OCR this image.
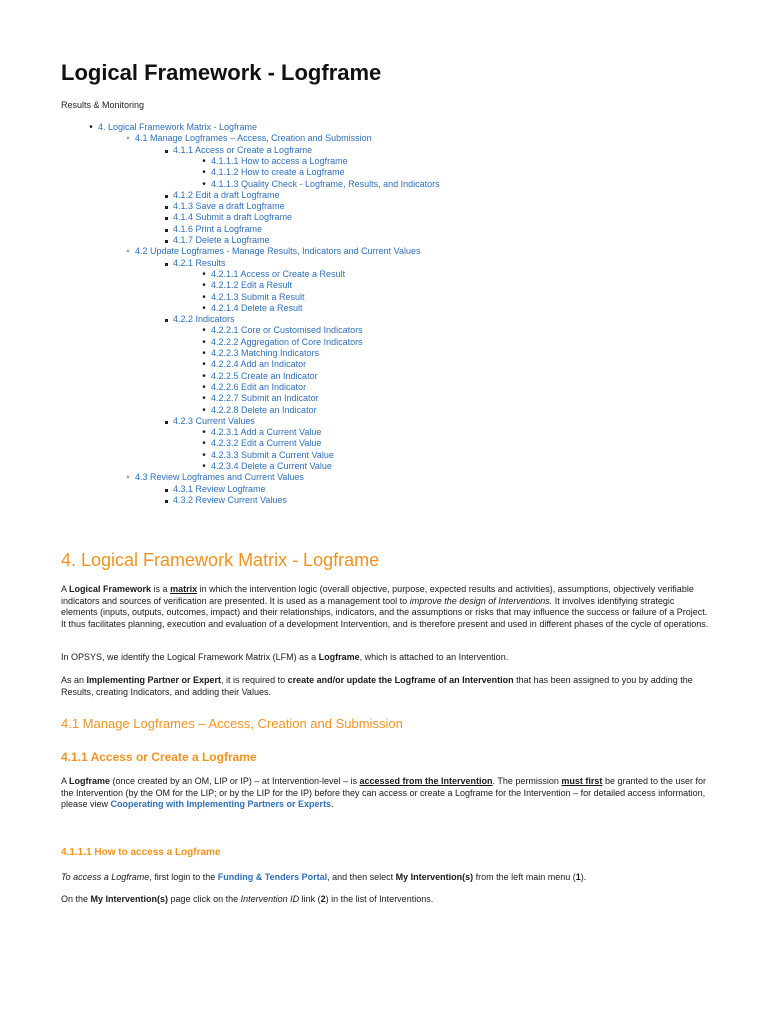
Logical Framework - Logframe
Results & Monitoring
•
4. Logical Framework Matrix - Logframe
◦
4.1 Manage Logframes – Access, Creation and Submission
4.1.1 Access or Create a Logframe
•
4.1.1.1 How to access a Logframe
•
4.1.1.2 How to create a Logframe
•
4.1.1.3 Quality Check - Logframe, Results, and Indicators
4.1.2 Edit a draft Logframe
4.1.3 Save a draft Logframe
4.1.4 Submit a draft Logframe
4.1.6 Print a Logframe
4.1.7 Delete a Logframe
◦
4.2 Update Logframes - Manage Results, Indicators and Current Values
4.2.1 Results
•
4.2.1.1 Access or Create a Result
•
4.2.1.2 Edit a Result
•
4.2.1.3 Submit a Result
•
4.2.1.4 Delete a Result
4.2.2 Indicators
•
4.2.2.1 Core or Customised Indicators
•
4.2.2.2 Aggregation of Core Indicators
•
4.2.2.3 Matching Indicators
•
4.2.2.4 Add an Indicator
•
4.2.2.5 Create an Indicator
•
4.2.2.6 Edit an Indicator
•
4.2.2.7 Submit an Indicator
•
4.2.2.8 Delete an Indicator
4.2.3 Current Values
•
4.2.3.1 Add a Current Value
•
4.2.3.2 Edit a Current Value
•
4.2.3.3 Submit a Current Value
•
4.2.3.4 Delete a Current Value
◦
4.3 Review Logframes and Current Values
4.3.1 Review Logframe
4.3.2 Review Current Values
4. Logical Framework Matrix - Logframe
A Logical Framework is a matrix in which the intervention logic (overall objective, purpose, expected results and activities), assumptions, objectively verifiable indicators and sources of verification are presented. It is used as a management tool to improve the design of Interventions. It involves identifying strategic elements (inputs, outputs, outcomes, impact) and their relationships, indicators, and the assumptions or risks that may influence the success or failure of a Project. It thus facilitates planning, execution and evaluation of a development Intervention, and is therefore present and used in different phases of the cycle of operations.
In OPSYS, we identify the Logical Framework Matrix (LFM) as a Logframe, which is attached to an Intervention.
As an Implementing Partner or Expert, it is required to create and/or update the Logframe of an Intervention that has been assigned to you by adding the Results, creating Indicators, and adding their Values.
4.1 Manage Logframes – Access, Creation and Submission
4.1.1 Access or Create a Logframe
A Logframe (once created by an OM, LIP or IP) – at Intervention-level – is accessed from the Intervention. The permission must first be granted to the user for the Intervention (by the OM for the LIP; or by the LIP for the IP) before they can access or create a Logframe for the Intervention – for detailed access information, please view Cooperating with Implementing Partners or Experts.
4.1.1.1 How to access a Logframe
To access a Logframe, first login to the Funding & Tenders Portal, and then select My Intervention(s) from the left main menu (1).
On the My Intervention(s) page click on the Intervention ID link (2) in the list of Interventions.
